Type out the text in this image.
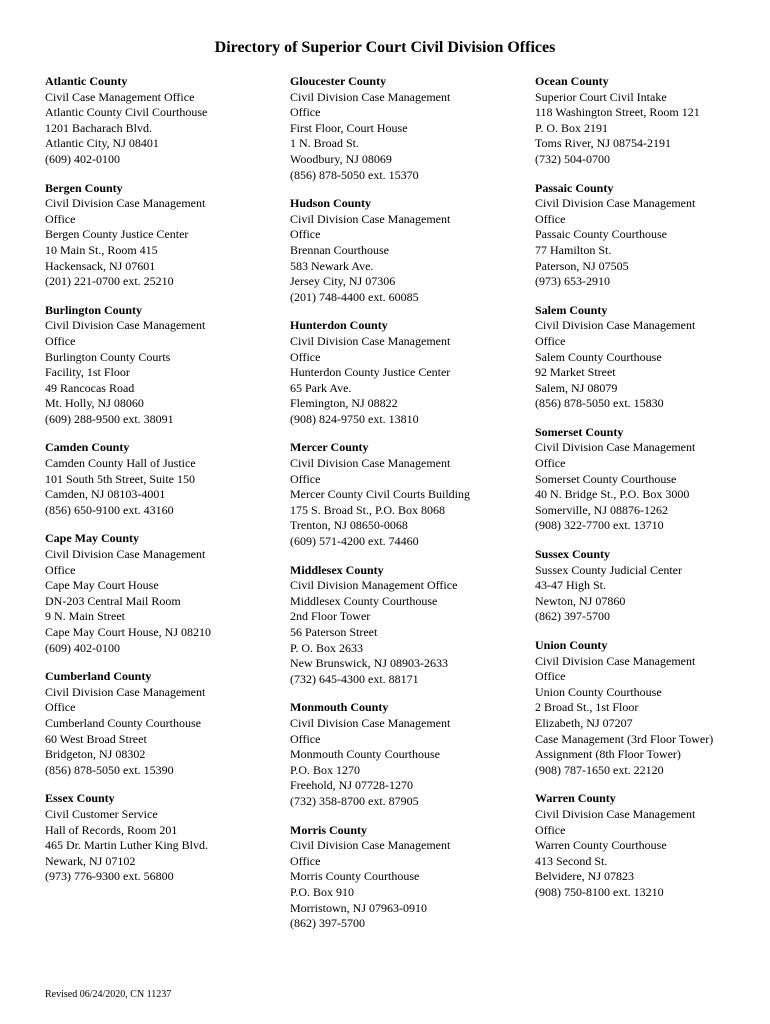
Directory of Superior Court Civil Division Offices
Atlantic County
Civil Case Management Office
Atlantic County Civil Courthouse
1201 Bacharach Blvd.
Atlantic City, NJ 08401
(609) 402-0100
Bergen County
Civil Division Case Management
Office
Bergen County Justice Center
10 Main St., Room 415
Hackensack, NJ 07601
(201) 221-0700 ext. 25210
Burlington County
Civil Division Case Management
Office
Burlington County Courts
Facility, 1st Floor
49 Rancocas Road
Mt. Holly, NJ 08060
(609) 288-9500 ext. 38091
Camden County
Camden County Hall of Justice
101 South 5th Street, Suite 150
Camden, NJ 08103-4001
(856) 650-9100 ext. 43160
Cape May County
Civil Division Case Management
Office
Cape May Court House
DN-203 Central Mail Room
9 N. Main Street
Cape May Court House, NJ 08210
(609) 402-0100
Cumberland County
Civil Division Case Management
Office
Cumberland County Courthouse
60 West Broad Street
Bridgeton, NJ 08302
(856) 878-5050 ext. 15390
Essex County
Civil Customer Service
Hall of Records, Room 201
465 Dr. Martin Luther King Blvd.
Newark, NJ 07102
(973) 776-9300 ext. 56800
Gloucester County
Civil Division Case Management
Office
First Floor, Court House
1 N. Broad St.
Woodbury, NJ 08069
(856) 878-5050 ext. 15370
Hudson County
Civil Division Case Management
Office
Brennan Courthouse
583 Newark Ave.
Jersey City, NJ 07306
(201) 748-4400 ext. 60085
Hunterdon County
Civil Division Case Management
Office
Hunterdon County Justice Center
65 Park Ave.
Flemington, NJ 08822
(908) 824-9750 ext. 13810
Mercer County
Civil Division Case Management
Office
Mercer County Civil Courts Building
175 S. Broad St., P.O. Box 8068
Trenton, NJ 08650-0068
(609) 571-4200 ext. 74460
Middlesex County
Civil Division Management Office
Middlesex County Courthouse
2nd Floor Tower
56 Paterson Street
P. O. Box 2633
New Brunswick, NJ 08903-2633
(732) 645-4300 ext. 88171
Monmouth County
Civil Division Case Management
Office
Monmouth County Courthouse
P.O. Box 1270
Freehold, NJ 07728-1270
(732) 358-8700 ext. 87905
Morris County
Civil Division Case Management
Office
Morris County Courthouse
P.O. Box 910
Morristown, NJ 07963-0910
(862) 397-5700
Ocean County
Superior Court Civil Intake
118 Washington Street, Room 121
P. O. Box 2191
Toms River, NJ 08754-2191
(732) 504-0700
Passaic County
Civil Division Case Management
Office
Passaic County Courthouse
77 Hamilton St.
Paterson, NJ 07505
(973) 653-2910
Salem County
Civil Division Case Management
Office
Salem County Courthouse
92 Market Street
Salem, NJ 08079
(856) 878-5050 ext. 15830
Somerset County
Civil Division Case Management
Office
Somerset County Courthouse
40 N. Bridge St., P.O. Box 3000
Somerville, NJ 08876-1262
(908) 322-7700 ext. 13710
Sussex County
Sussex County Judicial Center
43-47 High St.
Newton, NJ 07860
(862) 397-5700
Union County
Civil Division Case Management
Office
Union County Courthouse
2 Broad St., 1st Floor
Elizabeth, NJ 07207
Case Management (3rd Floor Tower)
Assignment (8th Floor Tower)
(908) 787-1650 ext. 22120
Warren County
Civil Division Case Management
Office
Warren County Courthouse
413 Second St.
Belvidere, NJ 07823
(908) 750-8100 ext. 13210
Revised 06/24/2020, CN 11237
